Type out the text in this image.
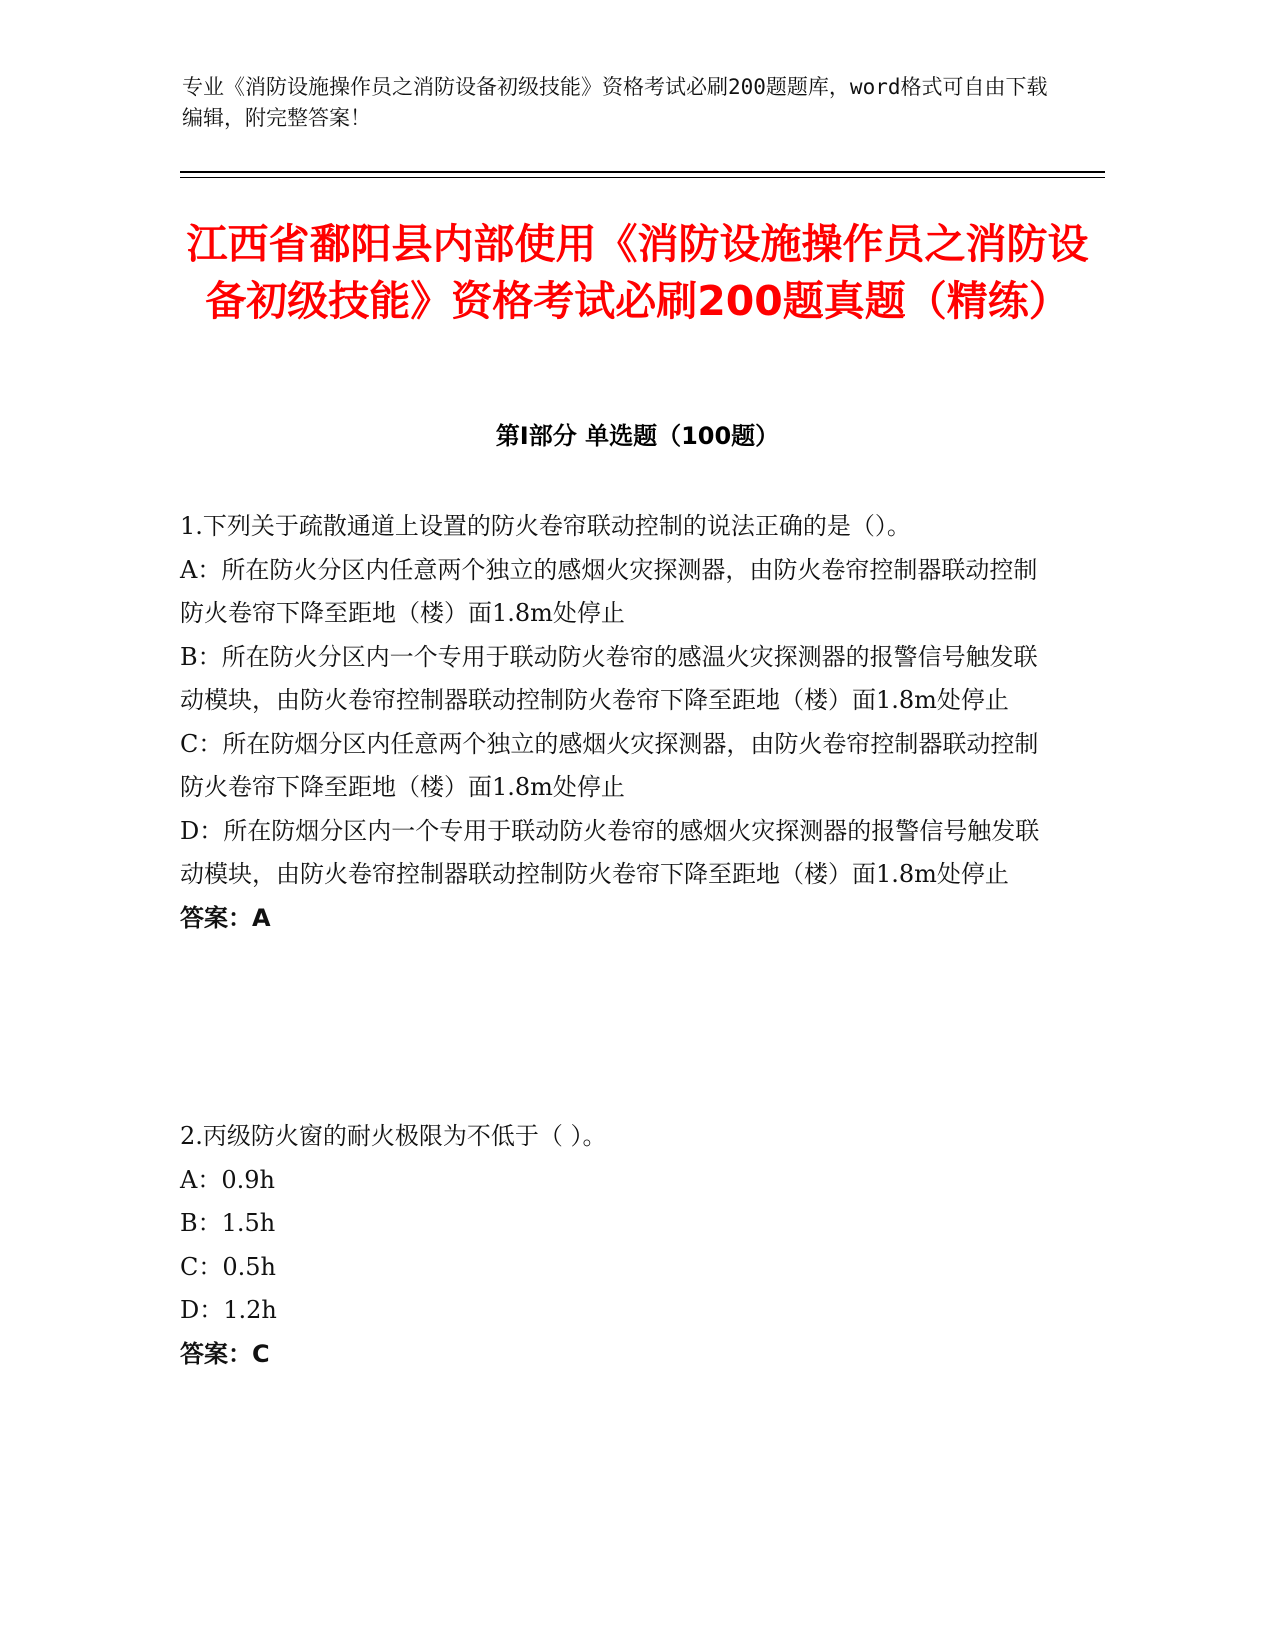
专业《消防设施操作员之消防设备初级技能》资格考试必刷200题题库，word格式可自由下载编辑，附完整答案！
江西省鄱阳县内部使用《消防设施操作员之消防设备初级技能》资格考试必刷200题真题（精练）
第I部分 单选题（100题）
1.下列关于疏散通道上设置的防火卷帘联动控制的说法正确的是（）。
A：所在防火分区内任意两个独立的感烟火灾探测器，由防火卷帘控制器联动控制防火卷帘下降至距地（楼）面1.8m处停止
B：所在防火分区内一个专用于联动防火卷帘的感温火灾探测器的报警信号触发联动模块，由防火卷帘控制器联动控制防火卷帘下降至距地（楼）面1.8m处停止
C：所在防烟分区内任意两个独立的感烟火灾探测器，由防火卷帘控制器联动控制防火卷帘下降至距地（楼）面1.8m处停止
D：所在防烟分区内一个专用于联动防火卷帘的感烟火灾探测器的报警信号触发联动模块，由防火卷帘控制器联动控制防火卷帘下降至距地（楼）面1.8m处停止
答案：A
2.丙级防火窗的耐火极限为不低于（ ）。
A：0.9h
B：1.5h
C：0.5h
D：1.2h
答案：C
